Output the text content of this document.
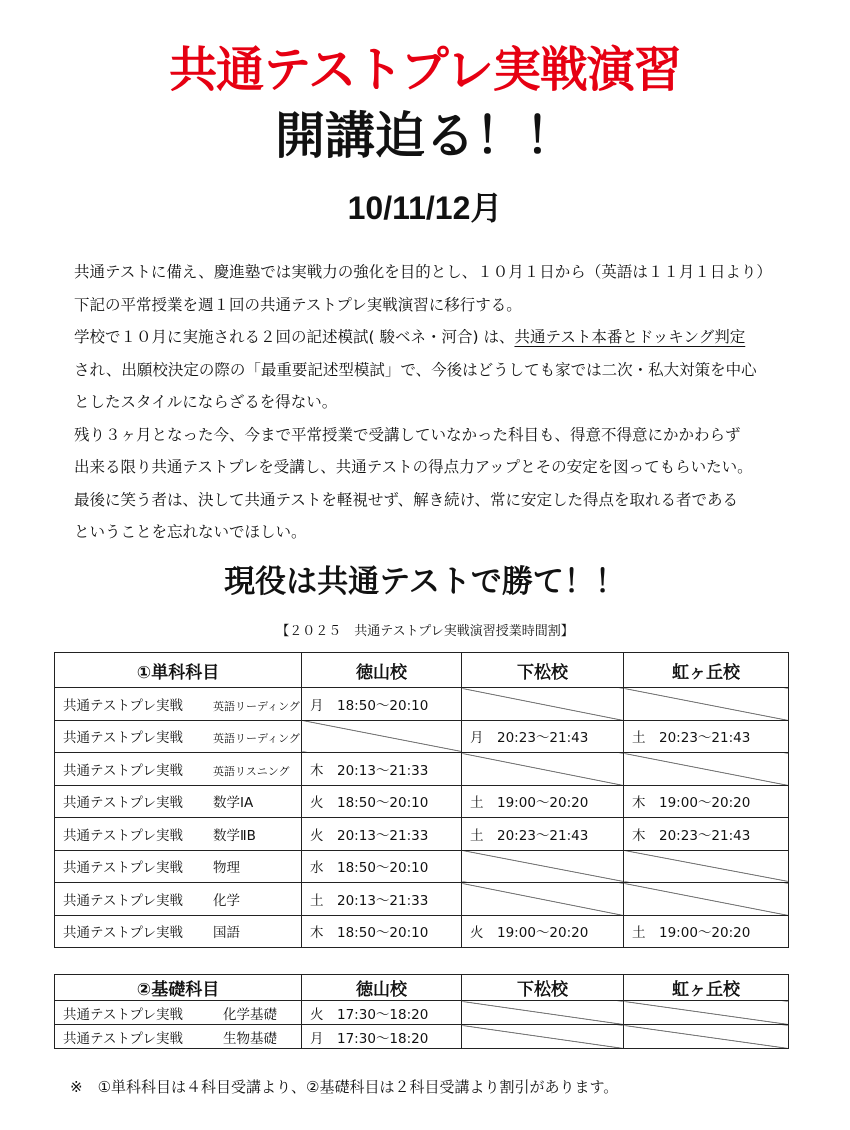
共通テストプレ実戦演習
開講迫る！！
10/11/12月

共通テストに備え、慶進塾では実戦力の強化を目的とし、１０月１日から（英語は１１月１日より）

下記の平常授業を週１回の共通テストプレ実戦演習に移行する。

学校で１０月に実施される２回の記述模試( 駿ベネ・河合) は、共通テスト本番とドッキング判定

され、出願校決定の際の「最重要記述型模試」で、今後はどうしても家では二次・私大対策を中心

としたスタイルにならざるを得ない。

残り３ヶ月となった今、今まで平常授業で受講していなかった科目も、得意不得意にかかわらず

出来る限り共通テストプレを受講し、共通テストの得点力アップとその安定を図ってもらいたい。

最後に笑う者は、決して共通テストを軽視せず、解き続け、常に安定した得点を取れる者である

ということを忘れないでほしい。

現役は共通テストで勝て！！
【２０２５　共通テストプレ実戦演習授業時間割】
①単科科目	徳山校	下松校	虹ヶ丘校
共通テストプレ実戦 英語リーディング	月　18:50～20:10		
共通テストプレ実戦 英語リーディング		月　20:23～21:43	土　20:23～21:43
共通テストプレ実戦 英語リスニング	木　20:13～21:33		
共通テストプレ実戦 数学ⅠA	火　18:50～20:10	土　19:00～20:20	木　19:00～20:20
共通テストプレ実戦 数学ⅡB	火　20:13～21:33	土　20:23～21:43	木　20:23～21:43
共通テストプレ実戦 物理	水　18:50～20:10		
共通テストプレ実戦 化学	土　20:13～21:33		
共通テストプレ実戦 国語	木　18:50～20:10	火　19:00～20:20	土　19:00～20:20
②基礎科目	徳山校	下松校	虹ヶ丘校
共通テストプレ実戦 化学基礎	火　17:30～18:20		
共通テストプレ実戦 生物基礎	月　17:30～18:20		
※　①単科科目は４科目受講より、②基礎科目は２科目受講より割引があります。
